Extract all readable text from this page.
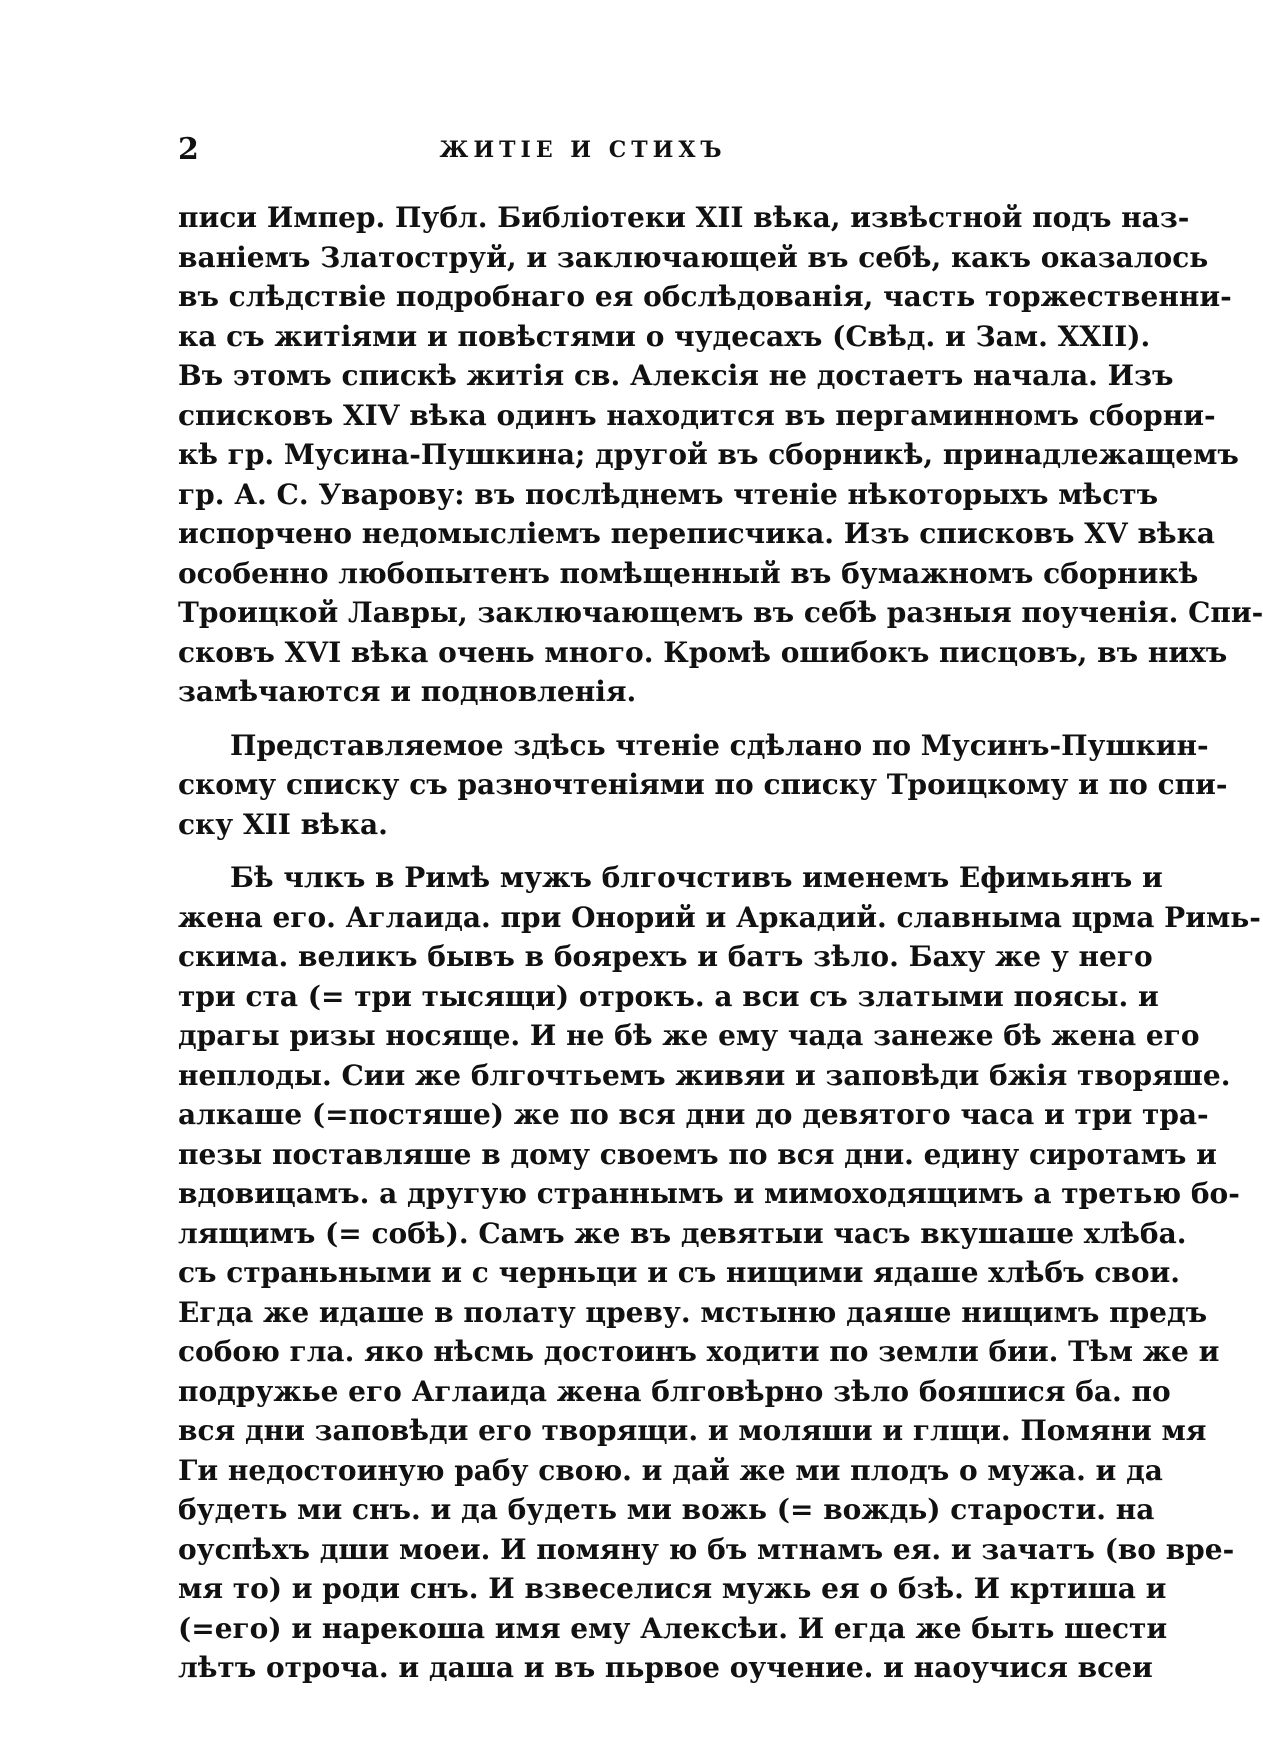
2	ЖИТІЕ И СТИХЪ
писи Импер. Публ. Библіотеки XII вѣка, извѣстной подъ наз-
ваніемъ Златоструй, и заключающей въ себѣ, какъ оказалось
въ слѣдствіе подробнаго ея обслѣдованія, часть торжественни-
ка съ житіями и повѣстями о чудесахъ (Свѣд. и Зам. XXII).
Въ этомъ спискѣ житія св. Алексія не достаетъ начала. Изъ
списковъ XIV вѣка одинъ находится въ пергаминномъ сборни-
кѣ гр. Мусина-Пушкина; другой въ сборникѣ, принадлежащемъ
гр. А. С. Уварову: въ послѣднемъ чтеніе нѣкоторыхъ мѣстъ
испорчено недомысліемъ переписчика. Изъ списковъ XV вѣка
особенно любопытенъ помѣщенный въ бумажномъ сборникѣ
Троицкой Лавры, заключающемъ въ себѣ разныя поученія. Спи-
сковъ XVI вѣка очень много. Кромѣ ошибокъ писцовъ, въ нихъ
замѣчаются и подновленія.
Представляемое здѣсь чтеніе сдѣлано по Мусинъ-Пушкин-
скому списку съ разночтеніями по списку Троицкому и по спи-
ску XII вѣка.
Бѣ члкъ в Римѣ мужъ блгочстивъ именемъ Ефимьянъ и
жена его. Аглаида. при Онорий и Аркадий. славныма црма Римь-
скима. великъ бывъ в боярехъ и батъ зѣло. Баху же у него
три ста (= три тысящи) отрокъ. а вси съ златыми поясы. и
драгы ризы носяще. И не бѣ же ему чада занеже бѣ жена его
неплоды. Сии же блгочтьемъ живяи и заповѣди бжія творяше.
алкаше (=постяше) же по вся дни до девятого часа и три тра-
пезы поставляше в дому своемъ по вся дни. едину сиротамъ и
вдовицамъ. а другую страннымъ и мимоходящимъ а третью бо-
лящимъ (= собѣ). Самъ же въ девятыи часъ вкушаше хлѣба.
съ страньными и с черньци и съ нищими ядаше хлѣбъ свои.
Егда же идаше в полату цреву. мстыню даяше нищимъ предъ
собою гла. яко нѣсмь достоинъ ходити по земли бии. Тѣм же и
подружье его Аглаида жена блговѣрно зѣло бояшися ба. по
вся дни заповѣди его творящи. и моляши и глщи. Помяни мя
Ги недостоиную рабу свою. и дай же ми плодъ о мужа. и да
будеть ми снъ. и да будеть ми вожь (= вождь) старости. на
оуспѣхъ дши моеи. И помяну ю бъ мтнамъ ея. и зачатъ (во вре-
мя то) и роди снъ. И взвеселися мужь ея о бзѣ. И кртиша и
(=его) и нарекоша имя ему Алексѣи. И егда же быть шести
лѣтъ отроча. и даша и въ пьрвое оучение. и наоучися всеи
